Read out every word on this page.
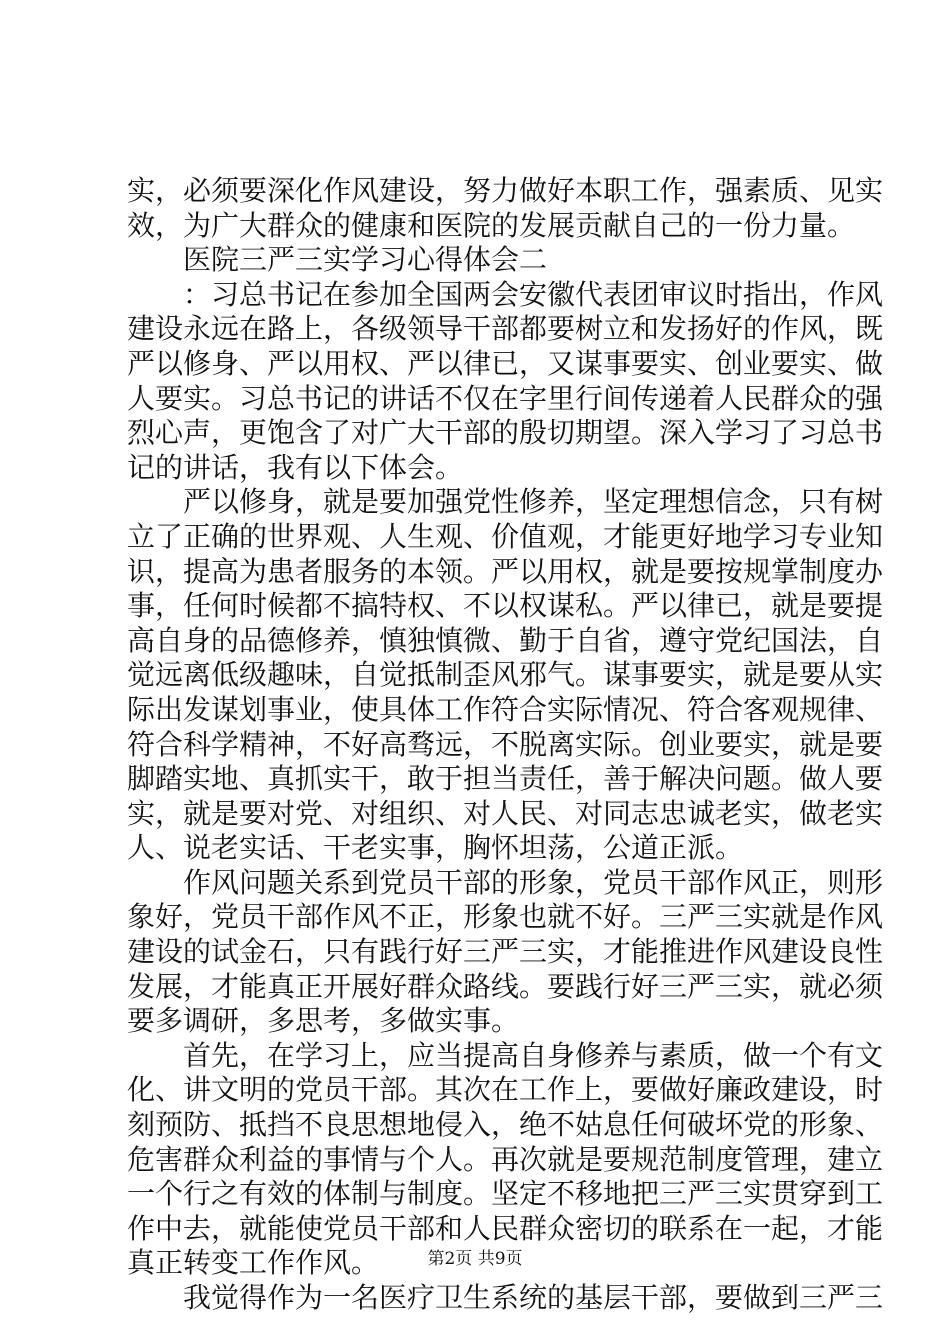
实，必须要深化作风建设，努力做好本职工作，强素质、见实
效，为广大群众的健康和医院的发展贡献自己的一份力量。
医院三严三实学习心得体会二
：习总书记在参加全国两会安徽代表团审议时指出，作风
建设永远在路上，各级领导干部都要树立和发扬好的作风，既
严以修身、严以用权、严以律已，又谋事要实、创业要实、做
人要实。习总书记的讲话不仅在字里行间传递着人民群众的强
烈心声，更饱含了对广大干部的殷切期望。深入学习了习总书
记的讲话，我有以下体会。
严以修身，就是要加强党性修养，坚定理想信念，只有树
立了正确的世界观、人生观、价值观，才能更好地学习专业知
识，提高为患者服务的本领。严以用权，就是要按规掌制度办
事，任何时候都不搞特权、不以权谋私。严以律已，就是要提
高自身的品德修养，慎独慎微、勤于自省，遵守党纪国法，自
觉远离低级趣味，自觉抵制歪风邪气。谋事要实，就是要从实
际出发谋划事业，使具体工作符合实际情况、符合客观规律、
符合科学精神，不好高骛远，不脱离实际。创业要实，就是要
脚踏实地、真抓实干，敢于担当责任，善于解决问题。做人要
实，就是要对党、对组织、对人民、对同志忠诚老实，做老实
人、说老实话、干老实事，胸怀坦荡，公道正派。
作风问题关系到党员干部的形象，党员干部作风正，则形
象好，党员干部作风不正，形象也就不好。三严三实就是作风
建设的试金石，只有践行好三严三实，才能推进作风建设良性
发展，才能真正开展好群众路线。要践行好三严三实，就必须
要多调研，多思考，多做实事。
首先，在学习上，应当提高自身修养与素质，做一个有文
化、讲文明的党员干部。其次在工作上，要做好廉政建设，时
刻预防、抵挡不良思想地侵入，绝不姑息任何破坏党的形象、
危害群众利益的事情与个人。再次就是要规范制度管理，建立
一个行之有效的体制与制度。坚定不移地把三严三实贯穿到工
作中去，就能使党员干部和人民群众密切的联系在一起，才能
真正转变工作作风。
我觉得作为一名医疗卫生系统的基层干部，要做到三严三
第2页 共9页
